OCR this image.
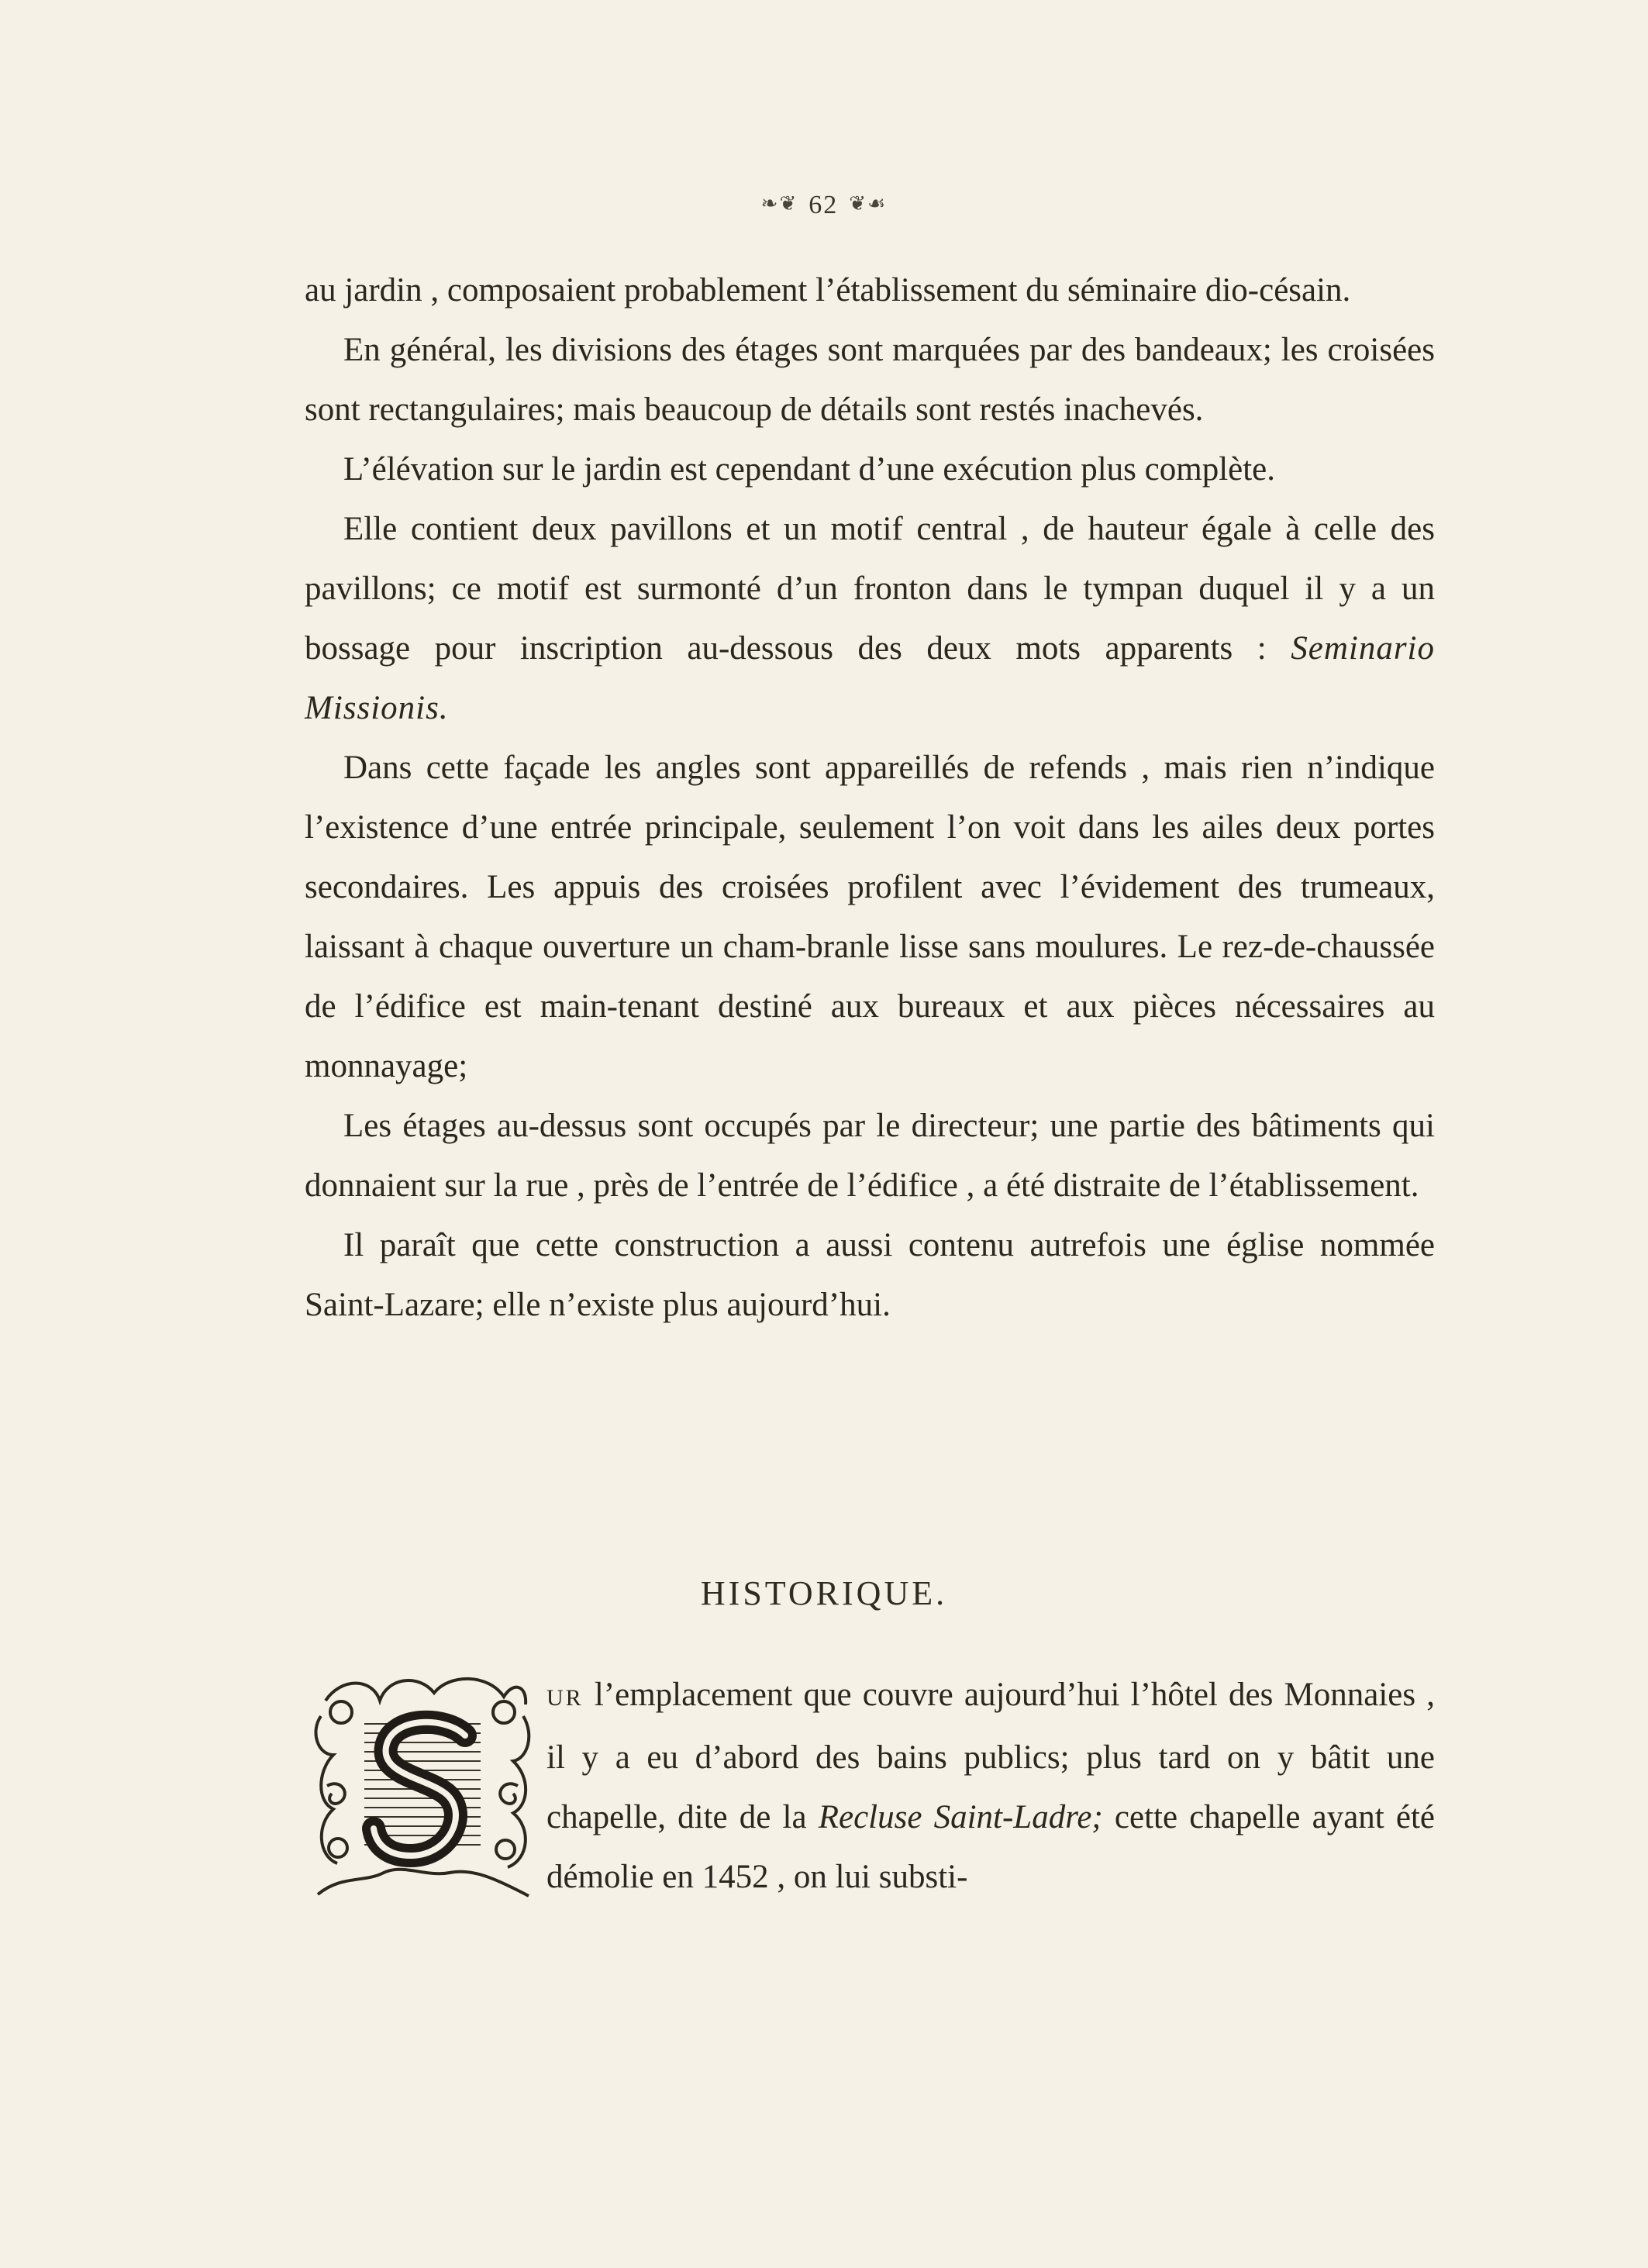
❧❦ 62 ❦☙

au jardin , composaient probablement l’établissement du séminaire dio-césain.

En général, les divisions des étages sont marquées par des bandeaux; les croisées sont rectangulaires; mais beaucoup de détails sont restés inachevés.

L’élévation sur le jardin est cependant d’une exécution plus complète.

Elle contient deux pavillons et un motif central , de hauteur égale à celle des pavillons; ce motif est surmonté d’un fronton dans le tympan duquel il y a un bossage pour inscription au-dessous des deux mots apparents : Seminario Missionis.

Dans cette façade les angles sont appareillés de refends , mais rien n’indique l’existence d’une entrée principale, seulement l’on voit dans les ailes deux portes secondaires. Les appuis des croisées profilent avec l’évidement des trumeaux, laissant à chaque ouverture un cham-branle lisse sans moulures. Le rez-de-chaussée de l’édifice est main-tenant destiné aux bureaux et aux pièces nécessaires au monnayage;

Les étages au-dessus sont occupés par le directeur; une partie des bâtiments qui donnaient sur la rue , près de l’entrée de l’édifice , a été distraite de l’établissement.

Il paraît que cette construction a aussi contenu autrefois une église nommée Saint-Lazare; elle n’existe plus aujourd’hui.

HISTORIQUE.
S
UR l’emplacement que couvre aujourd’hui l’hôtel des Monnaies , il y a eu d’abord des bains publics; plus tard on y bâtit une chapelle, dite de la Recluse Saint-Ladre; cette chapelle ayant été démolie en 1452 , on lui substi-
